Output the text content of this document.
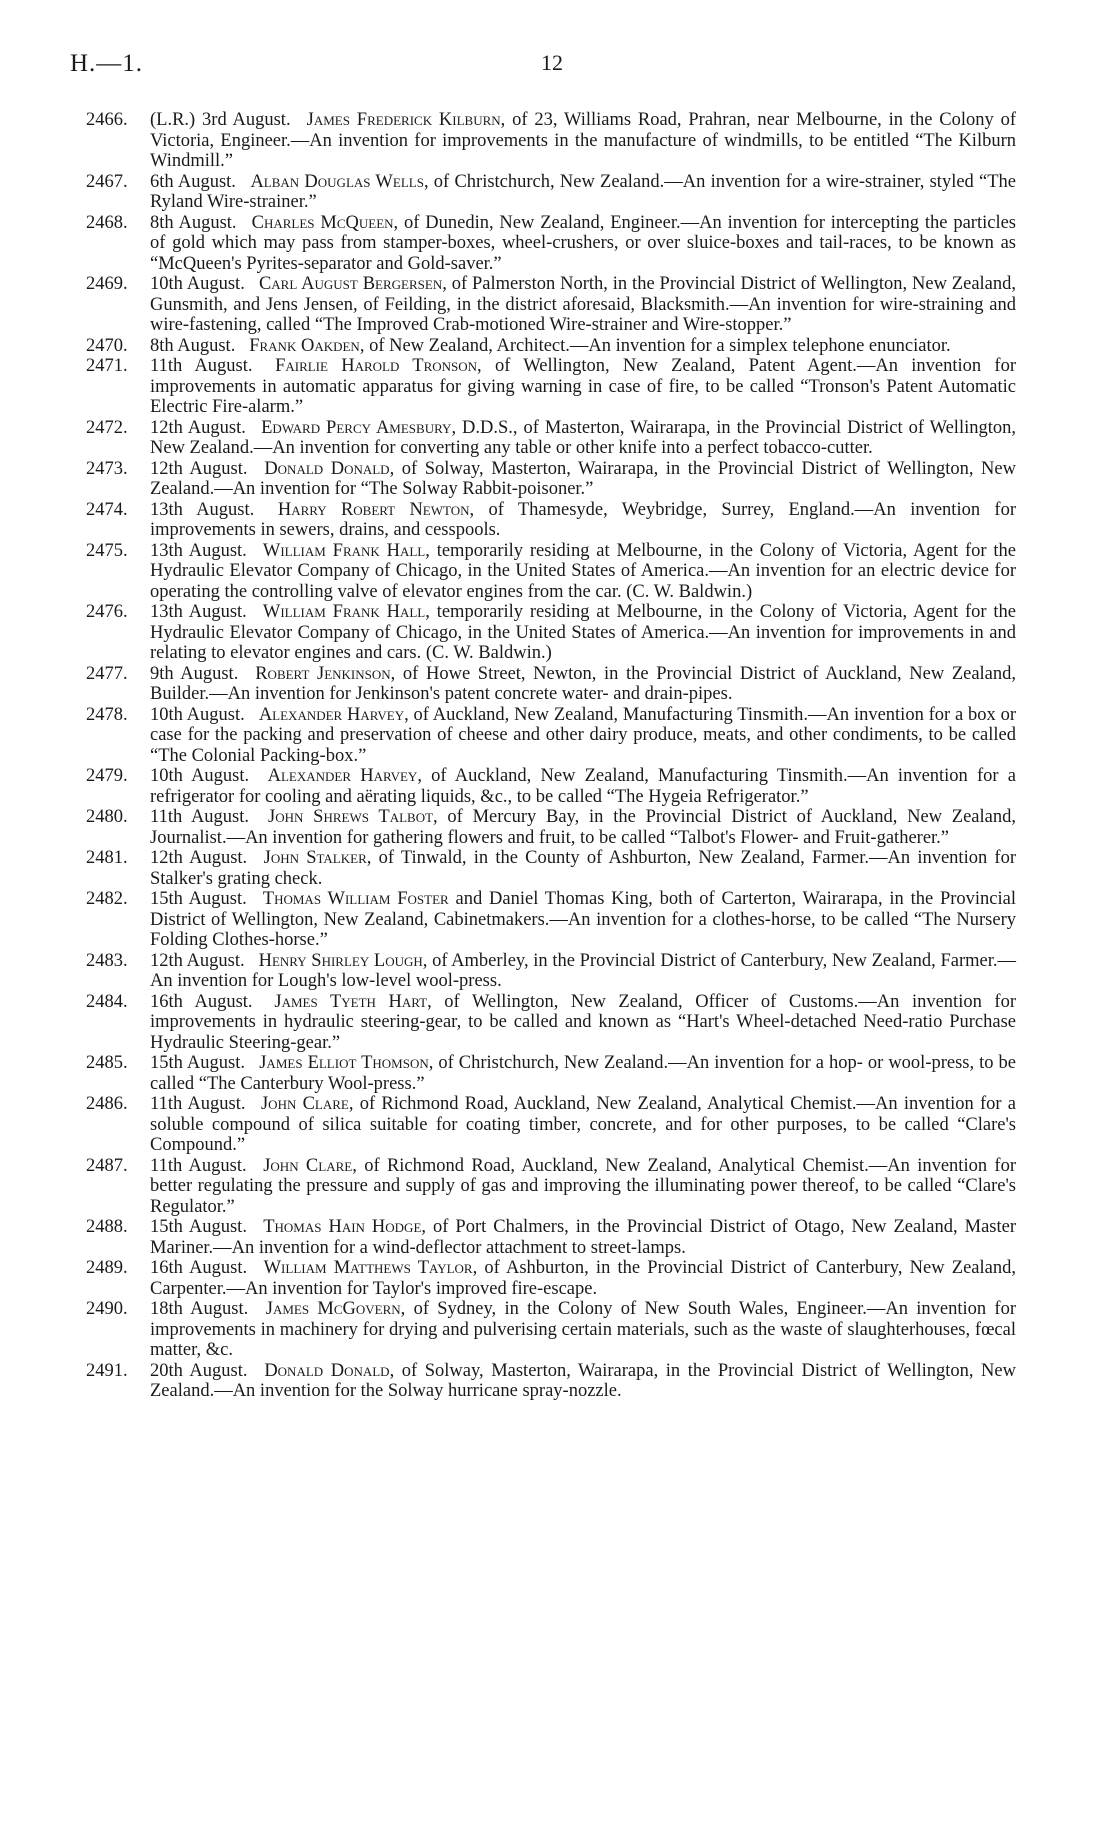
H.—1.	12
2466.	(L.R.) 3rd August.  James Frederick Kilburn, of 23, Williams Road, Prahran, near Melbourne, in the Colony of Victoria, Engineer.—An invention for improvements in the manufacture of windmills, to be entitled “The Kilburn Windmill.”
2467.	6th August.  Alban Douglas Wells, of Christchurch, New Zealand.—An invention for a wire-strainer, styled “The Ryland Wire-strainer.”
2468.	8th August.  Charles McQueen, of Dunedin, New Zealand, Engineer.—An invention for intercepting the particles of gold which may pass from stamper-boxes, wheel-crushers, or over sluice-boxes and tail-races, to be known as “McQueen's Pyrites-separator and Gold-saver.”
2469.	10th August.  Carl August Bergersen, of Palmerston North, in the Provincial District of Wellington, New Zealand, Gunsmith, and Jens Jensen, of Feilding, in the district aforesaid, Blacksmith.—An invention for wire-straining and wire-fastening, called “The Improved Crab-motioned Wire-strainer and Wire-stopper.”
2470.	8th August.  Frank Oakden, of New Zealand, Architect.—An invention for a simplex telephone enunciator.
2471.	11th August.  Fairlie Harold Tronson, of Wellington, New Zealand, Patent Agent.—An invention for improvements in automatic apparatus for giving warning in case of fire, to be called “Tronson's Patent Automatic Electric Fire-alarm.”
2472.	12th August.  Edward Percy Amesbury, D.D.S., of Masterton, Wairarapa, in the Provincial District of Wellington, New Zealand.—An invention for converting any table or other knife into a perfect tobacco-cutter.
2473.	12th August.  Donald Donald, of Solway, Masterton, Wairarapa, in the Provincial District of Wellington, New Zealand.—An invention for “The Solway Rabbit-poisoner.”
2474.	13th August.  Harry Robert Newton, of Thamesyde, Weybridge, Surrey, England.—An invention for improvements in sewers, drains, and cesspools.
2475.	13th August.  William Frank Hall, temporarily residing at Melbourne, in the Colony of Victoria, Agent for the Hydraulic Elevator Company of Chicago, in the United States of America.—An invention for an electric device for operating the controlling valve of elevator engines from the car. (C. W. Baldwin.)
2476.	13th August.  William Frank Hall, temporarily residing at Melbourne, in the Colony of Victoria, Agent for the Hydraulic Elevator Company of Chicago, in the United States of America.—An invention for improvements in and relating to elevator engines and cars. (C. W. Baldwin.)
2477.	9th August.  Robert Jenkinson, of Howe Street, Newton, in the Provincial District of Auckland, New Zealand, Builder.—An invention for Jenkinson's patent concrete water- and drain-pipes.
2478.	10th August.  Alexander Harvey, of Auckland, New Zealand, Manufacturing Tinsmith.—An invention for a box or case for the packing and preservation of cheese and other dairy produce, meats, and other condiments, to be called “The Colonial Packing-box.”
2479.	10th August.  Alexander Harvey, of Auckland, New Zealand, Manufacturing Tinsmith.—An invention for a refrigerator for cooling and aërating liquids, &c., to be called “The Hygeia Refrigerator.”
2480.	11th August.  John Shrews Talbot, of Mercury Bay, in the Provincial District of Auckland, New Zealand, Journalist.—An invention for gathering flowers and fruit, to be called “Talbot's Flower- and Fruit-gatherer.”
2481.	12th August.  John Stalker, of Tinwald, in the County of Ashburton, New Zealand, Farmer.—An invention for Stalker's grating check.
2482.	15th August.  Thomas William Foster and Daniel Thomas King, both of Carterton, Wairarapa, in the Provincial District of Wellington, New Zealand, Cabinetmakers.—An invention for a clothes-horse, to be called “The Nursery Folding Clothes-horse.”
2483.	12th August.  Henry Shirley Lough, of Amberley, in the Provincial District of Canterbury, New Zealand, Farmer.—An invention for Lough's low-level wool-press.
2484.	16th August.  James Tyeth Hart, of Wellington, New Zealand, Officer of Customs.—An invention for improvements in hydraulic steering-gear, to be called and known as “Hart's Wheel-detached Need-ratio Purchase Hydraulic Steering-gear.”
2485.	15th August.  James Elliot Thomson, of Christchurch, New Zealand.—An invention for a hop- or wool-press, to be called “The Canterbury Wool-press.”
2486.	11th August.  John Clare, of Richmond Road, Auckland, New Zealand, Analytical Chemist.—An invention for a soluble compound of silica suitable for coating timber, concrete, and for other purposes, to be called “Clare's Compound.”
2487.	11th August.  John Clare, of Richmond Road, Auckland, New Zealand, Analytical Chemist.—An invention for better regulating the pressure and supply of gas and improving the illuminating power thereof, to be called “Clare's Regulator.”
2488.	15th August.  Thomas Hain Hodge, of Port Chalmers, in the Provincial District of Otago, New Zealand, Master Mariner.—An invention for a wind-deflector attachment to street-lamps.
2489.	16th August.  William Matthews Taylor, of Ashburton, in the Provincial District of Canterbury, New Zealand, Carpenter.—An invention for Taylor's improved fire-escape.
2490.	18th August.  James McGovern, of Sydney, in the Colony of New South Wales, Engineer.—An invention for improvements in machinery for drying and pulverising certain materials, such as the waste of slaughterhouses, fœcal matter, &c.
2491.	20th August.  Donald Donald, of Solway, Masterton, Wairarapa, in the Provincial District of Wellington, New Zealand.—An invention for the Solway hurricane spray-nozzle.
